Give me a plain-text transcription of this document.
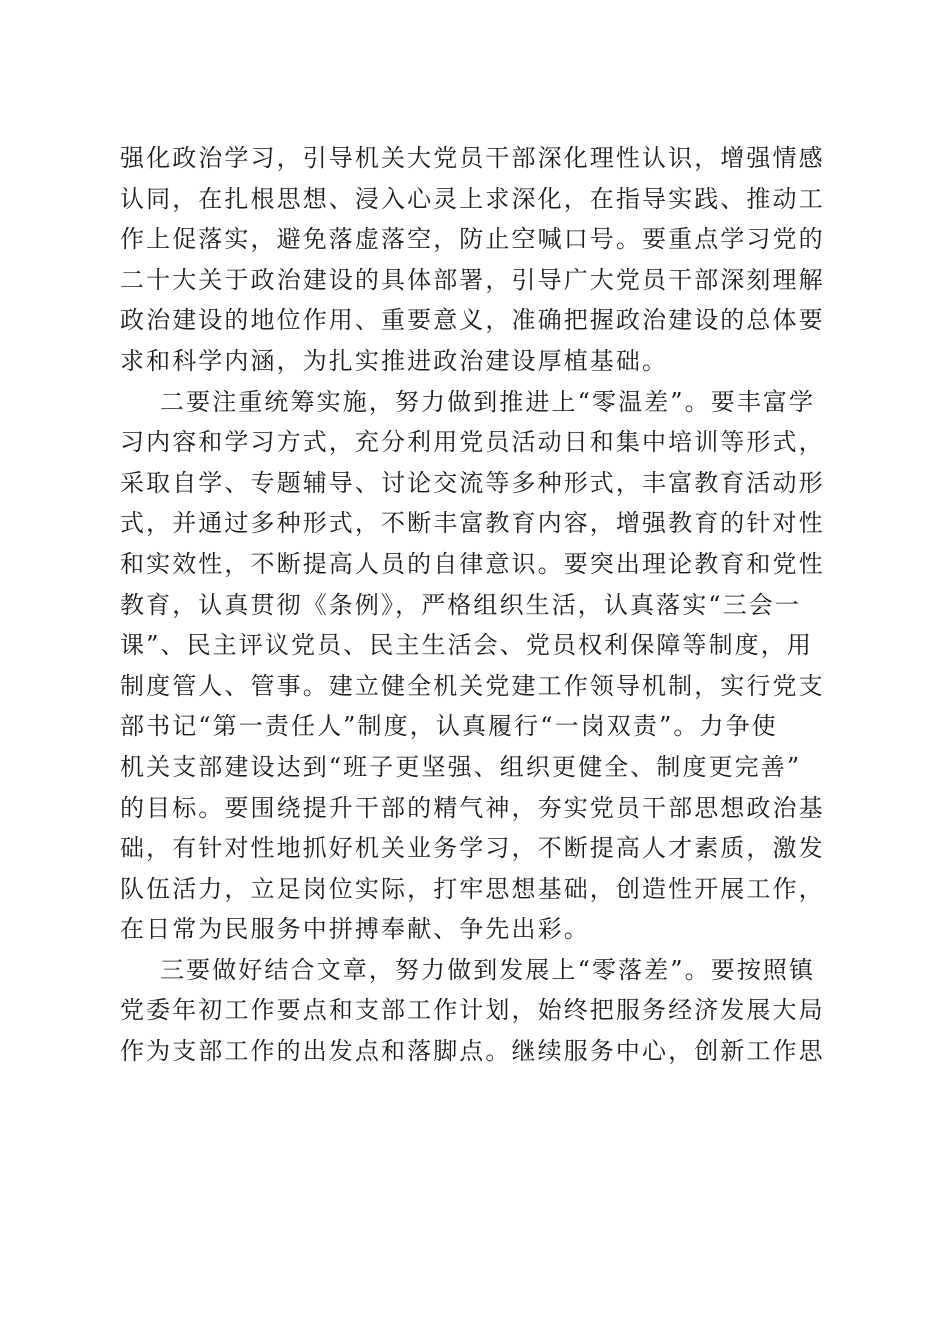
强化政治学习，引导机关大党员干部深化理性认识，增强情感
认同，在扎根思想、浸入心灵上求深化，在指导实践、推动工
作上促落实，避免落虚落空，防止空喊口号。要重点学习党的
二十大关于政治建设的具体部署，引导广大党员干部深刻理解
政治建设的地位作用、重要意义，准确把握政治建设的总体要
求和科学内涵，为扎实推进政治建设厚植基础。
二要注重统筹实施，努力做到推进上“零温差”。要丰富学
习内容和学习方式，充分利用党员活动日和集中培训等形式，
采取自学、专题辅导、讨论交流等多种形式，丰富教育活动形
式，并通过多种形式，不断丰富教育内容，增强教育的针对性
和实效性，不断提高人员的自律意识。要突出理论教育和党性
教育，认真贯彻《条例》，严格组织生活，认真落实“三会一
课”、民主评议党员、民主生活会、党员权利保障等制度，用
制度管人、管事。建立健全机关党建工作领导机制，实行党支
部书记“第一责任人”制度，认真履行“一岗双责”。力争使
机关支部建设达到“班子更坚强、组织更健全、制度更完善”
的目标。要围绕提升干部的精气神，夯实党员干部思想政治基
础，有针对性地抓好机关业务学习，不断提高人才素质，激发
队伍活力，立足岗位实际，打牢思想基础，创造性开展工作，
在日常为民服务中拼搏奉献、争先出彩。
三要做好结合文章，努力做到发展上“零落差”。要按照镇
党委年初工作要点和支部工作计划，始终把服务经济发展大局
作为支部工作的出发点和落脚点。继续服务中心，创新工作思
